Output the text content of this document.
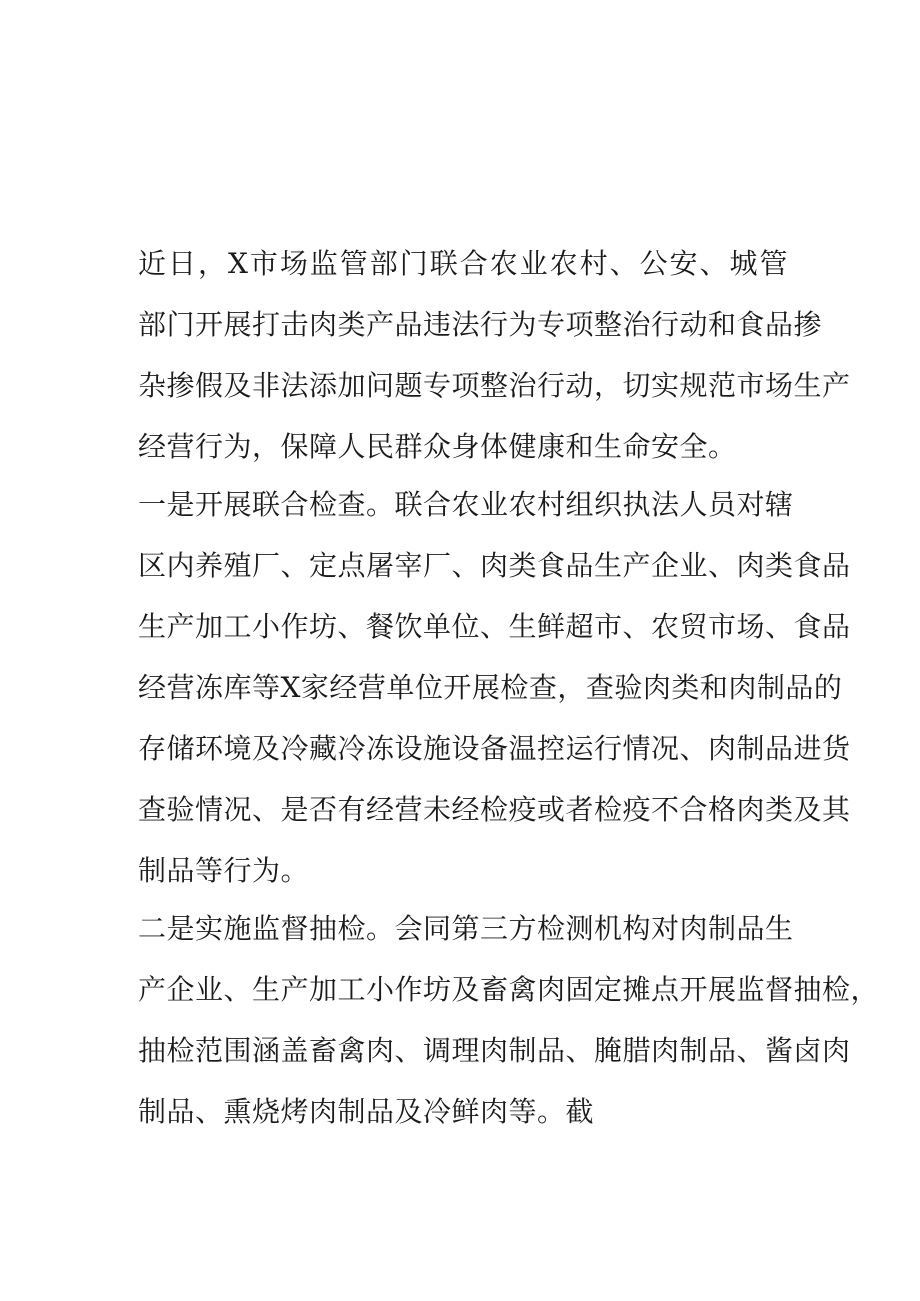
近日，X市场监管部门联合农业农村、公安、城管
部门开展打击肉类产品违法行为专项整治行动和食品掺
杂掺假及非法添加问题专项整治行动，切实规范市场生产
经营行为，保障人民群众身体健康和生命安全。
一是开展联合检查。联合农业农村组织执法人员对辖
区内养殖厂、定点屠宰厂、肉类食品生产企业、肉类食品
生产加工小作坊、餐饮单位、生鲜超市、农贸市场、食品
经营冻库等X家经营单位开展检查，查验肉类和肉制品的
存储环境及冷藏冷冻设施设备温控运行情况、肉制品进货
查验情况、是否有经营未经检疫或者检疫不合格肉类及其
制品等行为。
二是实施监督抽检。会同第三方检测机构对肉制品生
产企业、生产加工小作坊及畜禽肉固定摊点开展监督抽检，
抽检范围涵盖畜禽肉、调理肉制品、腌腊肉制品、酱卤肉
制品、熏烧烤肉制品及冷鲜肉等。截
